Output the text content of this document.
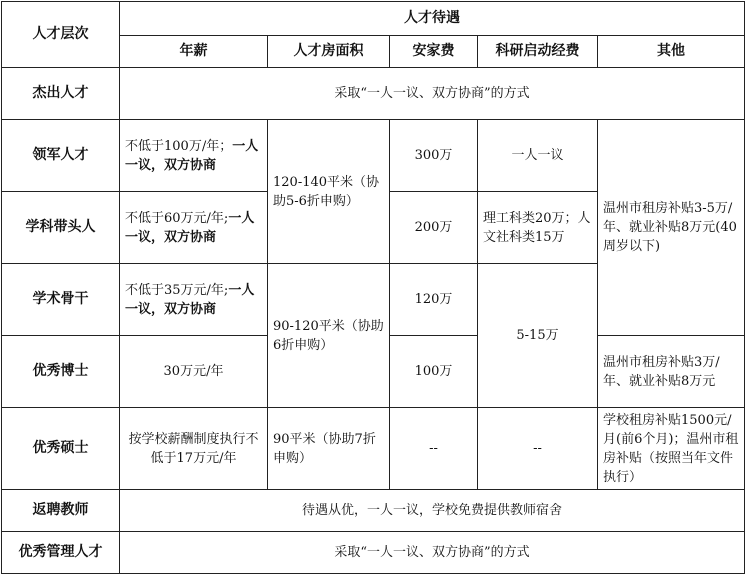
人才层次	人才待遇				
	年薪	人才房面积	安家费	科研启动经费	其他
杰出人才	采取“一人一议、双方协商”的方式				
领军人才	不低于100万/年；一人一议，双方协商	120-140平米（协助5-6折申购）	300万	一人一议	温州市租房补贴3-5万/年、就业补贴8万元(40周岁以下)
学科带头人	不低于60万元/年;一人一议，双方协商		200万	理工科类20万；人文社科类15万	
学术骨干	不低于35万元/年;一人一议，双方协商	90-120平米（协助6折申购）	120万	5-15万	
优秀博士	30万元/年		100万		温州市租房补贴3万/年、就业补贴8万元
优秀硕士	按学校薪酬制度执行不低于17万元/年	90平米（协助7折申购）	--	--	学校租房补贴1500元/月(前6个月)；温州市租房补贴（按照当年文件执行）
返聘教师	待遇从优，一人一议，学校免费提供教师宿舍				
优秀管理人才	采取“一人一议、双方协商”的方式				
